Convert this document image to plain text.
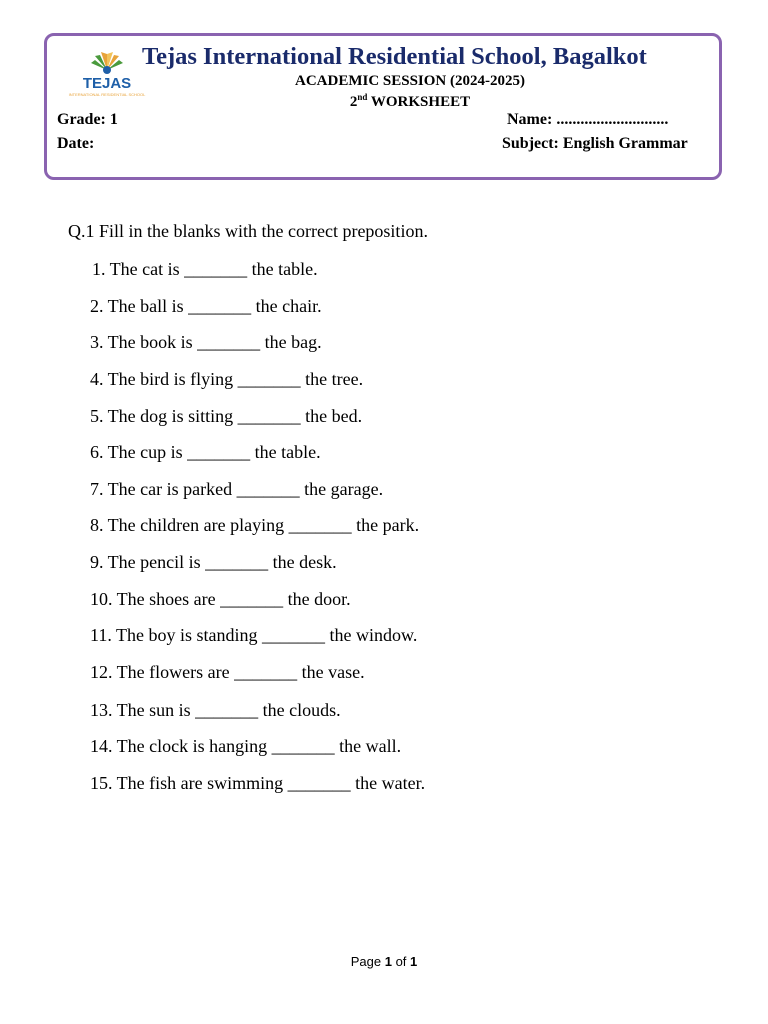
TEJAS
INTERNATIONAL RESIDENTIAL SCHOOL
Tejas International Residential School, Bagalkot
ACADEMIC SESSION (2024-2025)
2nd WORKSHEET
Grade: 1	Name: ............................
Date:	Subject: English Grammar
Q.1 Fill in the blanks with the correct preposition.
1. The cat is _______ the table.
2. The ball is _______ the chair.
3. The book is _______ the bag.
4. The bird is flying _______ the tree.
5. The dog is sitting _______ the bed.
6. The cup is _______ the table.
7. The car is parked _______ the garage.
8. The children are playing _______ the park.
9. The pencil is _______ the desk.
10. The shoes are _______ the door.
11. The boy is standing _______ the window.
12. The flowers are _______ the vase.
13. The sun is _______ the clouds.
14. The clock is hanging _______ the wall.
15. The fish are swimming _______ the water.
Page 1 of 1
